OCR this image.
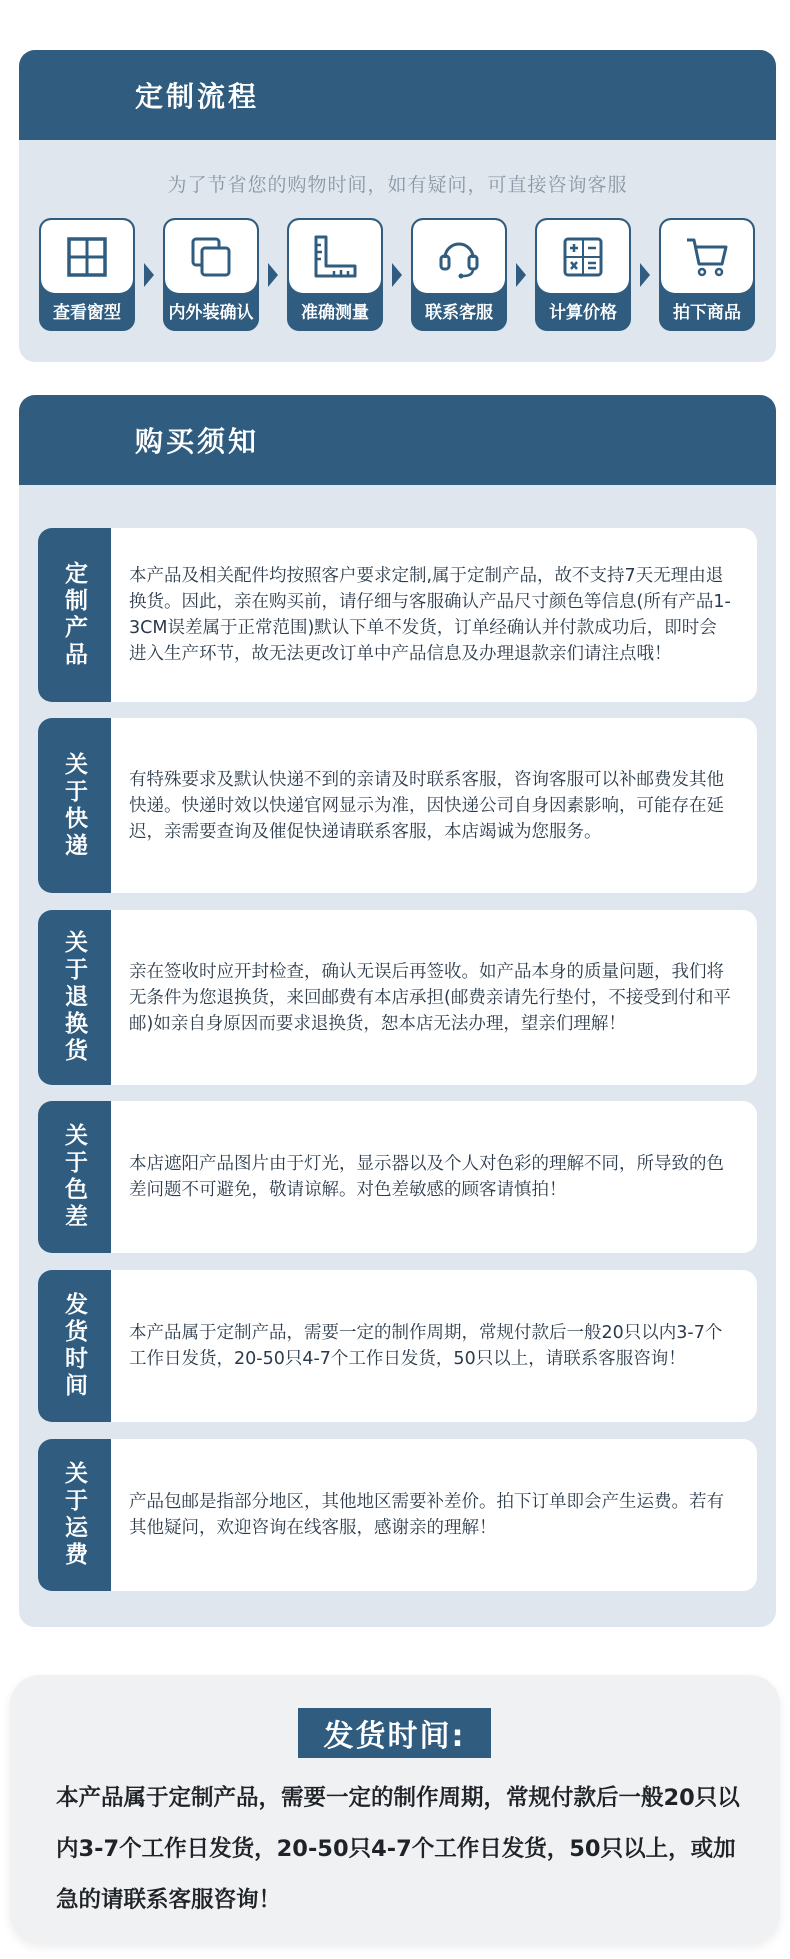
定制流程
为了节省您的购物时间，如有疑问，可直接咨询客服
查看窗型	内外装确认	准确测量	联系客服	计算价格	拍下商品
购买须知
定制产品	本产品及相关配件均按照客户要求定制,属于定制产品，故不支持7天无理由退换货。因此，亲在购买前，请仔细与客服确认产品尺寸颜色等信息(所有产品1-3CM误差属于正常范围)默认下单不发货，订单经确认并付款成功后，即时会进入生产环节，故无法更改订单中产品信息及办理退款亲们请注点哦！
关于快递	有特殊要求及默认快递不到的亲请及时联系客服，咨询客服可以补邮费发其他快递。快递时效以快递官网显示为准，因快递公司自身因素影响，可能存在延迟，亲需要查询及催促快递请联系客服，本店竭诚为您服务。
关于退换货	亲在签收时应开封检查，确认无误后再签收。如产品本身的质量问题，我们将无条件为您退换货，来回邮费有本店承担(邮费亲请先行垫付，不接受到付和平邮)如亲自身原因而要求退换货，恕本店无法办理，望亲们理解！
关于色差	本店遮阳产品图片由于灯光，显示器以及个人对色彩的理解不同，所导致的色差问题不可避免，敬请谅解。对色差敏感的顾客请慎拍！
发货时间	本产品属于定制产品，需要一定的制作周期，常规付款后一般20只以内3-7个工作日发货，20-50只4-7个工作日发货，50只以上，请联系客服咨询！
关于运费	产品包邮是指部分地区，其他地区需要补差价。拍下订单即会产生运费。若有其他疑问，欢迎咨询在线客服，感谢亲的理解！
发货时间:
本产品属于定制产品，需要一定的制作周期，常规付款后一般20只以内3-7个工作日发货，20-50只4-7个工作日发货，50只以上，或加急的请联系客服咨询！
